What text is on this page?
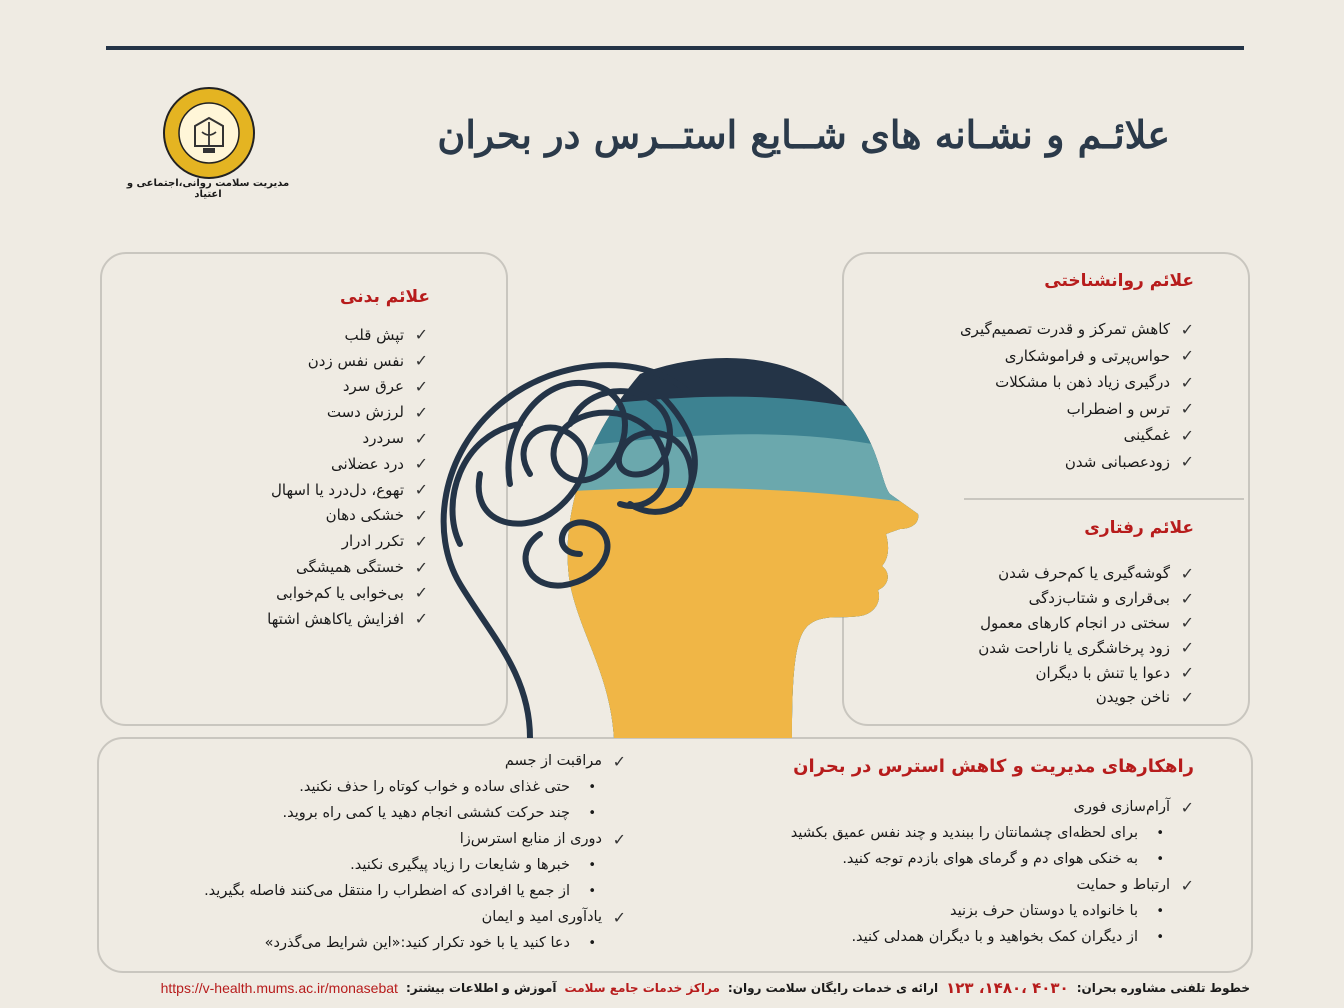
مدیریت سلامت روانی،اجتماعی و اعتیاد
علائـم و نشـانه های شــایع استــرس در بحران
علائم بدنی
✓
تپش قلب
✓
نفس نفس زدن
✓
عرق سرد
✓
لرزش دست
✓
سردرد
✓
درد عضلانی
✓
تهوع، دل‌درد یا اسهال
✓
خشکی دهان
✓
تکرر ادرار
✓
خستگی همیشگی
✓
بی‌خوابی یا کم‌خوابی
✓
افزایش یاکاهش اشتها
علائم روانشناختی
✓
کاهش تمرکز و قدرت تصمیم‌گیری
✓
حواس‌پرتی و فراموشکاری
✓
درگیری زیاد ذهن با مشکلات
✓
ترس و اضطراب
✓
غمگینی
✓
زودعصبانی شدن
علائم رفتاری
✓
گوشه‌گیری یا کم‌حرف شدن
✓
بی‌قراری و شتاب‌زدگی
✓
سختی در انجام کارهای معمول
✓
زود پرخاشگری یا ناراحت شدن
✓
دعوا یا تنش با دیگران
✓
ناخن جویدن
راهکارهای مدیریت و کاهش استرس در بحران
✓
آرام‌سازی فوری
•
برای لحظه‌ای چشمانتان را ببندید و چند نفس عمیق بکشید
•
به خنکی هوای دم و گرمای هوای بازدم توجه کنید.
✓
ارتباط و حمایت
•
با خانواده یا دوستان حرف بزنید
•
از دیگران کمک بخواهید و با دیگران همدلی کنید.
✓
مراقبت از جسم
•
حتی غذای ساده و خواب کوتاه را حذف نکنید.
•
چند حرکت کششی انجام دهید یا کمی راه بروید.
✓
دوری از منابع استرس‌زا
•
خبرها و شایعات را زیاد پیگیری نکنید.
•
از جمع یا افرادی که اضطراب را منتقل می‌کنند فاصله بگیرید.
✓
یادآوری امید و ایمان
•
دعا کنید یا با خود تکرار کنید:«این شرایط می‌گذرد»
خطوط تلفنی مشاوره بحران:
۴۰۳۰ ،۱۴۸۰، ۱۲۳
ارائه ی خدمات رایگان سلامت روان:
مراکز خدمات جامع سلامت
آموزش و اطلاعات بیشتر:
https://v-health.mums.ac.ir/monasebat
